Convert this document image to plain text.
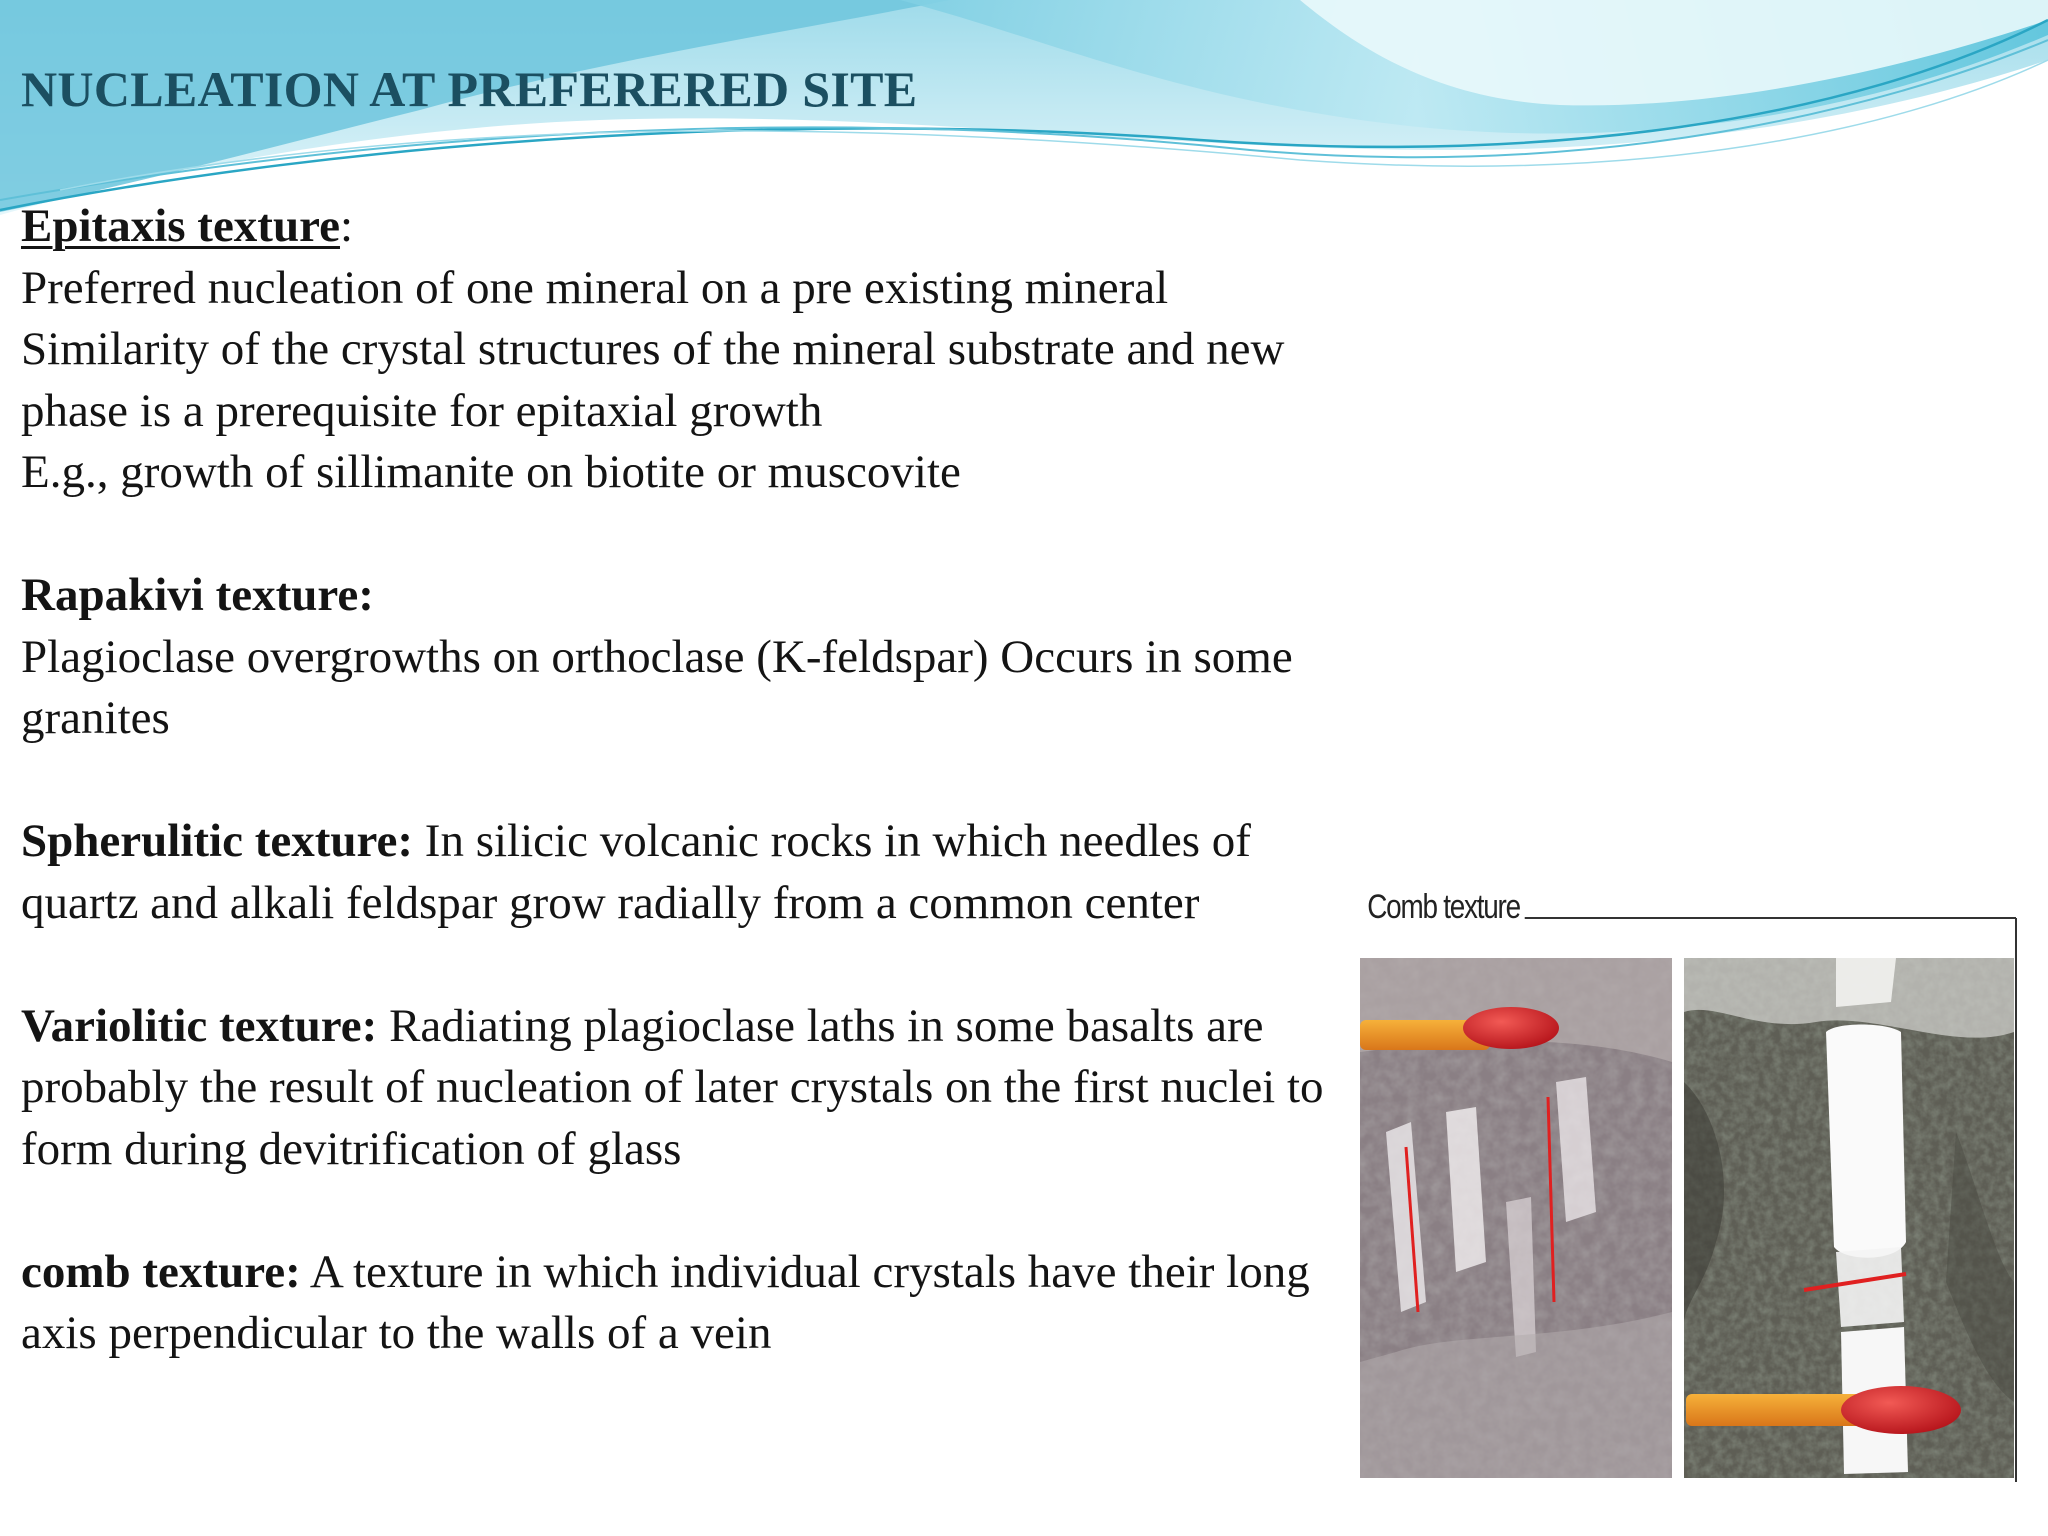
NUCLEATION AT PREFERERED SITE

Epitaxis texture:

Preferred nucleation of one mineral on a pre existing mineral

Similarity of the crystal structures of the mineral substrate and new phase is a prerequisite for epitaxial growth

E.g., growth of sillimanite on biotite or muscovite

Rapakivi texture:

Plagioclase overgrowths on orthoclase (K-feldspar) Occurs in some granites

Spherulitic texture: In silicic volcanic rocks in which needles of quartz and alkali feldspar grow radially from a common center

Variolitic texture: Radiating plagioclase laths in some basalts are probably the result of nucleation of later crystals on the first nuclei to form during devitrification of glass

comb texture: A texture in which individual crystals have their long axis perpendicular to the walls of a vein

Comb texture
